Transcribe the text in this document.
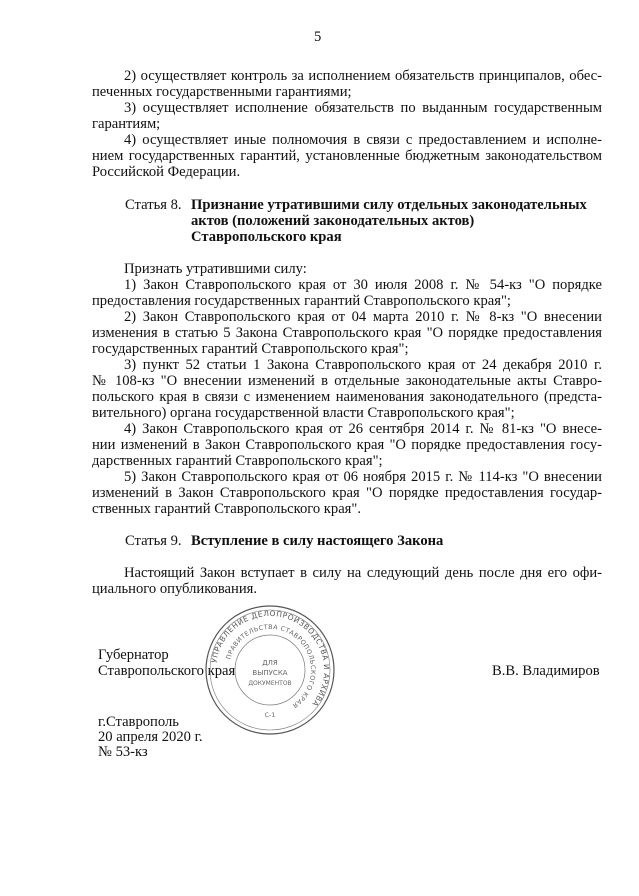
5
2) осуществляет контроль за исполнением обязательств принципалов, обес-
печенных государственными гарантиями;
3) осуществляет исполнение обязательств по выданным государственным
гарантиям;
4) осуществляет иные полномочия в связи с предоставлением и исполне-
нием государственных гарантий, установленные бюджетным законодательством
Российской Федерации.
Статья 8. Признание утратившими силу отдельных законодательных
актов (положений законодательных актов)
Ставропольского края
Признать утратившими силу:
1) Закон Ставропольского края от 30 июля 2008 г. № 54-кз "О порядке
предоставления государственных гарантий Ставропольского края";
2) Закон Ставропольского края от 04 марта 2010 г. № 8-кз "О внесении
изменения в статью 5 Закона Ставропольского края "О порядке предоставления
государственных гарантий Ставропольского края";
3) пункт 52 статьи 1 Закона Ставропольского края от 24 декабря 2010 г.
№ 108-кз "О внесении изменений в отдельные законодательные акты Ставро-
польского края в связи с изменением наименования законодательного (предста-
вительного) органа государственной власти Ставропольского края";
4) Закон Ставропольского края от 26 сентября 2014 г. № 81-кз "О внесе-
нии изменений в Закон Ставропольского края "О порядке предоставления госу-
дарственных гарантий Ставропольского края";
5) Закон Ставропольского края от 06 ноября 2015 г. № 114-кз "О внесении
изменений в Закон Ставропольского края "О порядке предоставления государ-
ственных гарантий Ставропольского края".
Статья 9. Вступление в силу настоящего Закона
Настоящий Закон вступает в силу на следующий день после дня его офи-
циального опубликования.
Губернатор
Ставропольского края	В.В. Владимиров
УПРАВЛЕНИЕ ДЕЛОПРОИЗВОДСТВА И АРХИВА
ПРАВИТЕЛЬСТВА СТАВРОПОЛЬСКОГО КРАЯ
ДЛЯ
ВЫПУСКА
ДОКУМЕНТОВ
С-1
г.Ставрополь
20 апреля 2020 г.
№ 53-кз
